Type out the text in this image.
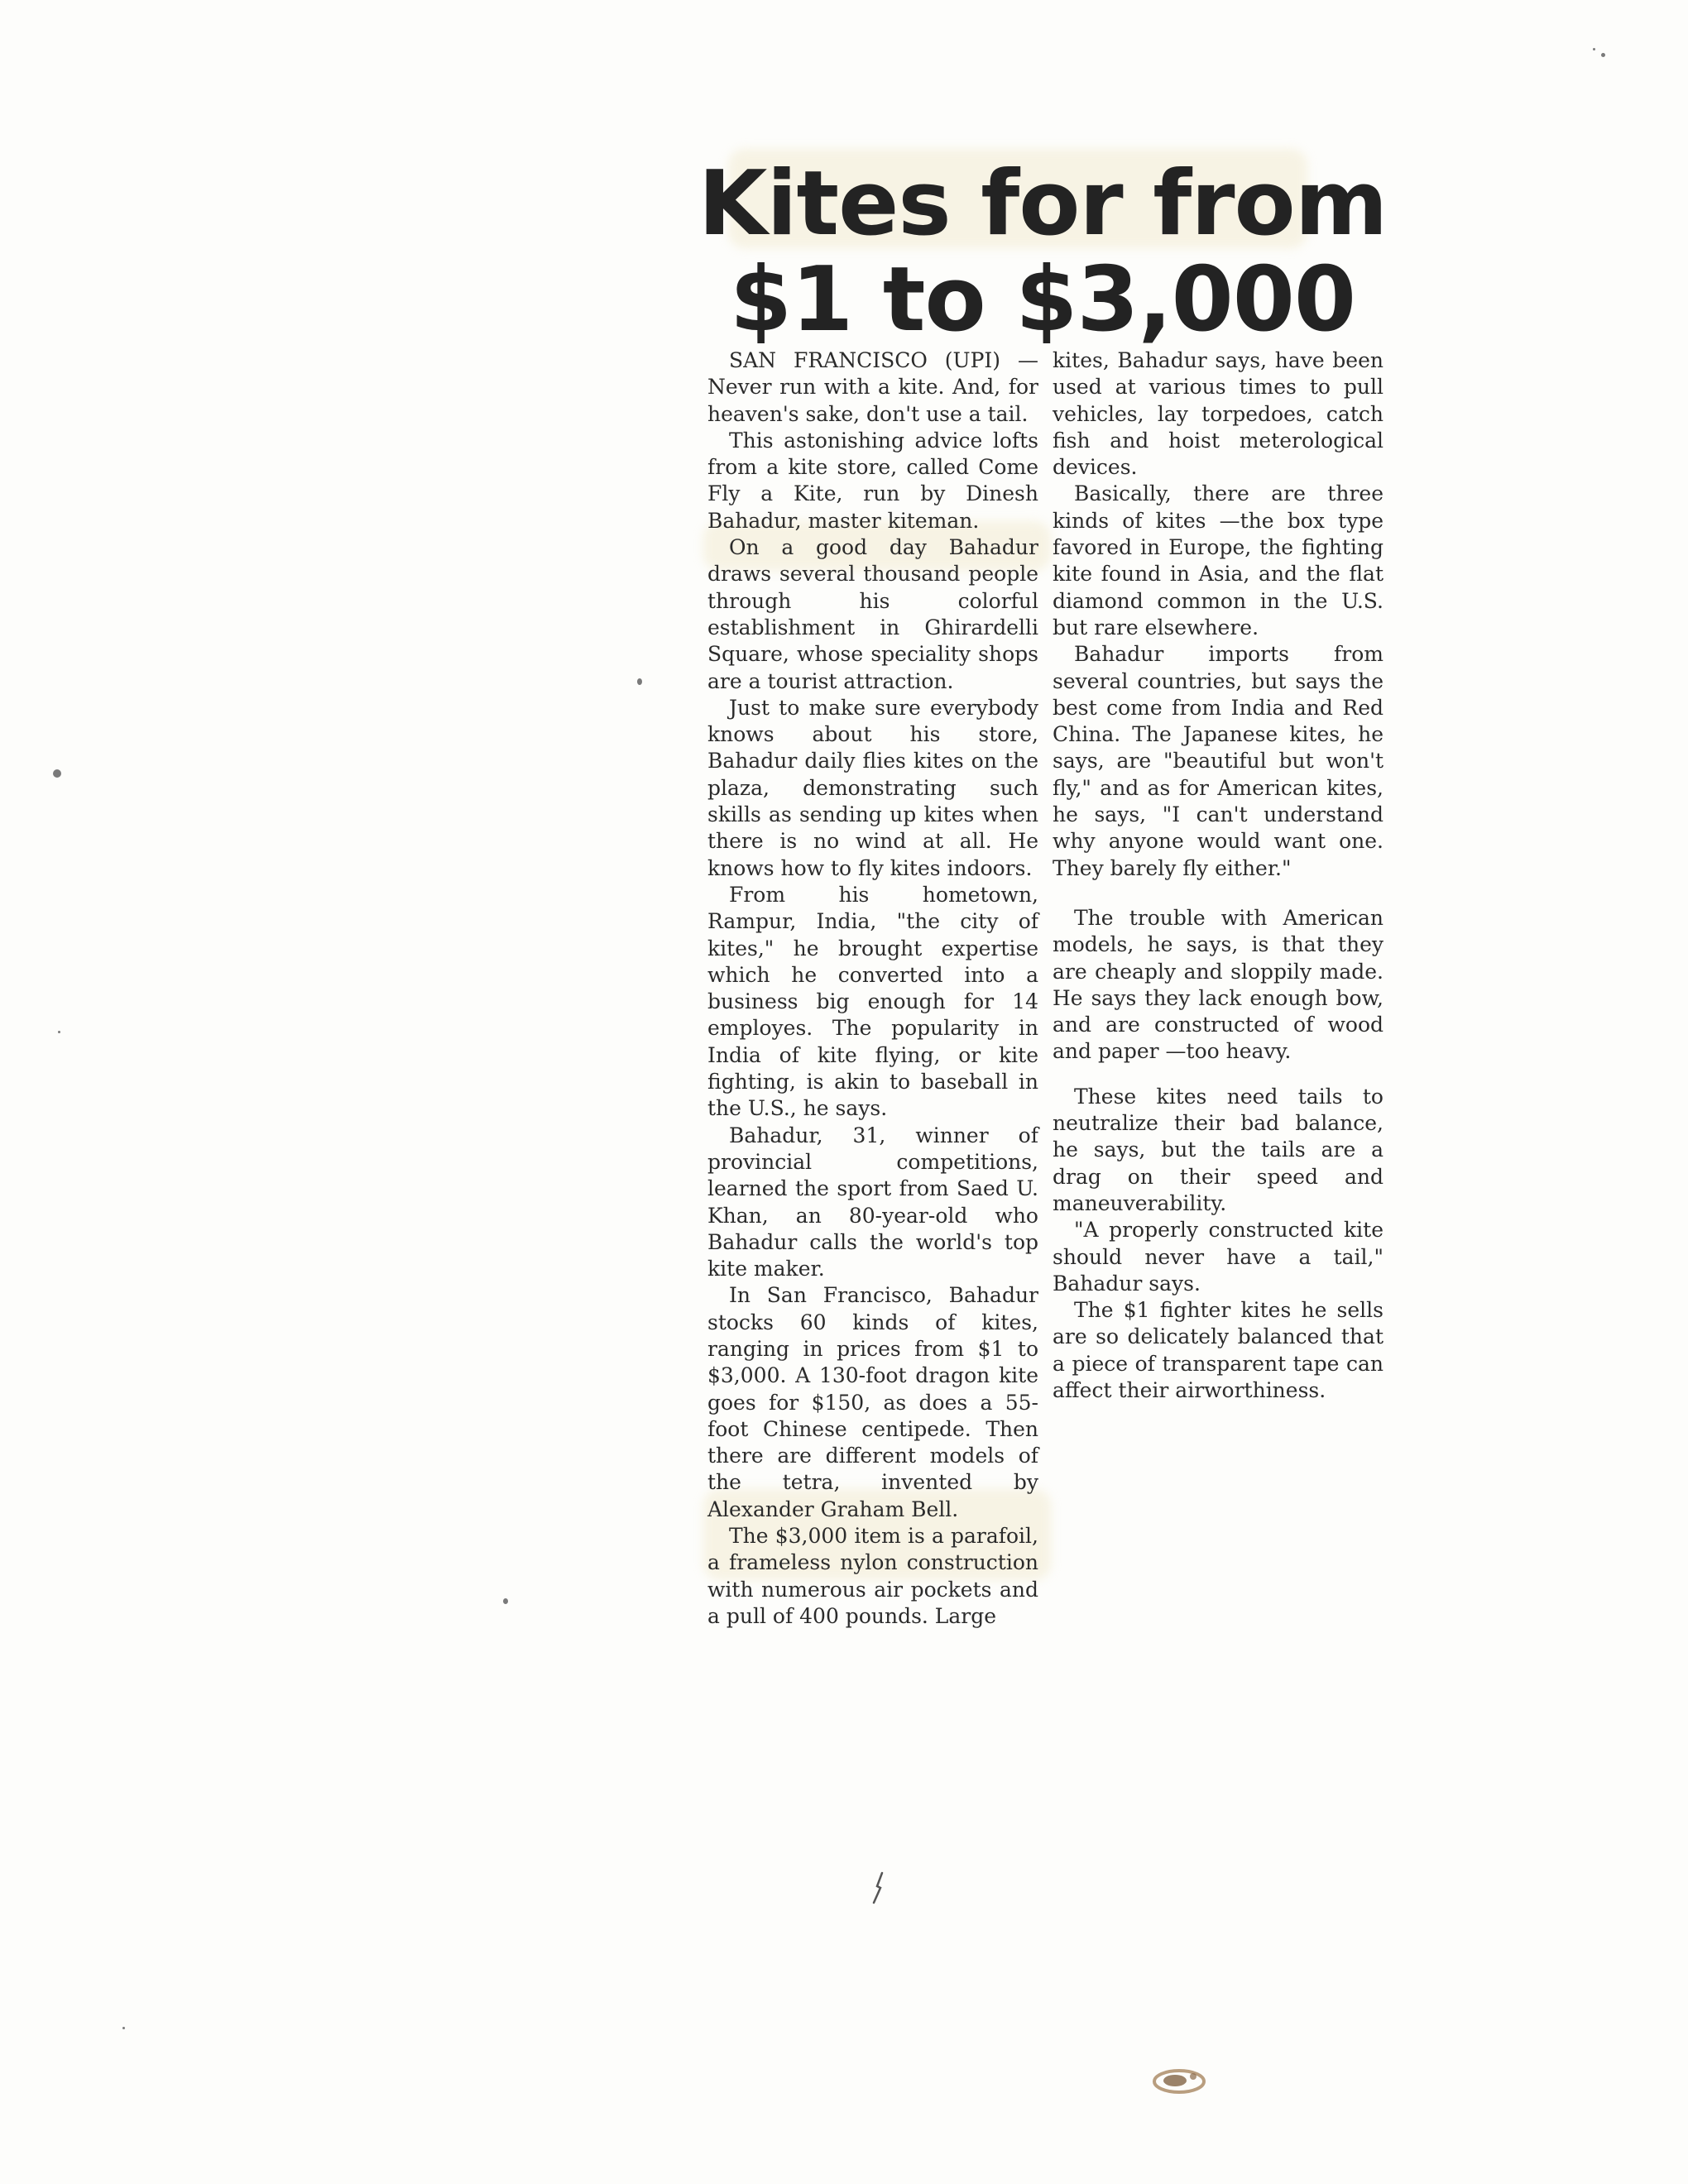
Kites for from
$1 to $3,000

SAN FRANCISCO (UPI) — Never run with a kite. And, for heaven's sake, don't use a tail.

This astonishing advice lofts from a kite store, called Come Fly a Kite, run by Dinesh Bahadur, master kiteman.

On a good day Bahadur draws several thousand people through his colorful establishment in Ghirardelli Square, whose speciality shops are a tourist attraction.

Just to make sure everybody knows about his store, Bahadur daily flies kites on the plaza, demonstrating such skills as sending up kites when there is no wind at all. He knows how to fly kites indoors.

From his hometown, Rampur, India, "the city of kites," he brought expertise which he converted into a business big enough for 14 employes. The popularity in India of kite flying, or kite fighting, is akin to baseball in the U.S., he says.

Bahadur, 31, winner of provincial competitions, learned the sport from Saed U. Khan, an 80-year-old who Bahadur calls the world's top kite maker.

In San Francisco, Bahadur stocks 60 kinds of kites, ranging in prices from $1 to $3,000. A 130-foot dragon kite goes for $150, as does a 55-foot Chinese centipede. Then there are different models of the tetra, invented by Alexander Graham Bell.

The $3,000 item is a parafoil, a frameless nylon construction with numerous air pockets and a pull of 400 pounds. Large

kites, Bahadur says, have been used at various times to pull vehicles, lay torpedoes, catch fish and hoist meterological devices.

Basically, there are three kinds of kites —the box type favored in Europe, the fighting kite found in Asia, and the flat diamond common in the U.S. but rare elsewhere.

Bahadur imports from several countries, but says the best come from India and Red China. The Japanese kites, he says, are "beautiful but won't fly," and as for American kites, he says, "I can't understand why anyone would want one. They barely fly either."

The trouble with American models, he says, is that they are cheaply and sloppily made. He says they lack enough bow, and are constructed of wood and paper —too heavy.

These kites need tails to neutralize their bad balance, he says, but the tails are a drag on their speed and maneuverability.

"A properly constructed kite should never have a tail," Bahadur says.

The $1 fighter kites he sells are so delicately balanced that a piece of transparent tape can affect their airworthiness.
